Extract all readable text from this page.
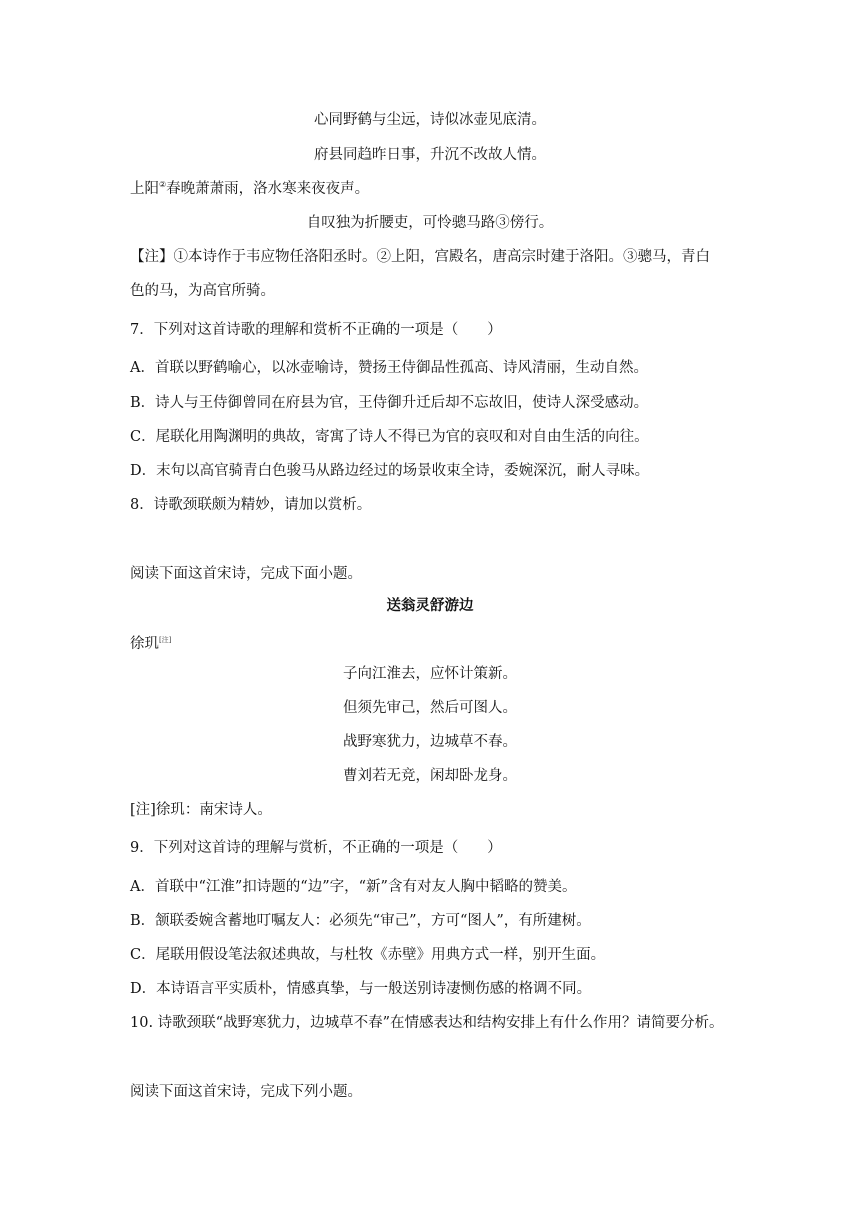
心同野鹤与尘远，诗似冰壶见底清。
府县同趋昨日事，升沉不改故人情。
上阳②春晚萧萧雨，洛水寒来夜夜声。
自叹独为折腰吏，可怜骢马路③傍行。
【注】①本诗作于韦应物任洛阳丞时。②上阳，宫殿名，唐高宗时建于洛阳。③骢马，青白
色的马，为高官所骑。
7．下列对这首诗歌的理解和赏析不正确的一项是（　　）
A．首联以野鹤喻心，以冰壶喻诗，赞扬王侍御品性孤高、诗风清丽，生动自然。
B．诗人与王侍御曾同在府县为官，王侍御升迁后却不忘故旧，使诗人深受感动。
C．尾联化用陶渊明的典故，寄寓了诗人不得已为官的哀叹和对自由生活的向往。
D．末句以高官骑青白色骏马从路边经过的场景收束全诗，委婉深沉，耐人寻味。
8．诗歌颈联颇为精妙，请加以赏析。
阅读下面这首宋诗，完成下面小题。
送翁灵舒游边
徐玑[注]
子向江淮去，应怀计策新。
但须先审己，然后可图人。
战野寒犹力，边城草不春。
曹刘若无竞，闲却卧龙身。
[注]徐玑：南宋诗人。
9．下列对这首诗的理解与赏析，不正确的一项是（　　）
A．首联中“江淮”扣诗题的“边”字，“新”含有对友人胸中韬略的赞美。
B．颔联委婉含蓄地叮嘱友人：必须先“审己”，方可“图人”，有所建树。
C．尾联用假设笔法叙述典故，与杜牧《赤壁》用典方式一样，别开生面。
D．本诗语言平实质朴，情感真挚，与一般送别诗凄恻伤感的格调不同。
10. 诗歌颈联“战野寒犹力，边城草不春”在情感表达和结构安排上有什么作用？请简要分析。
阅读下面这首宋诗，完成下列小题。
